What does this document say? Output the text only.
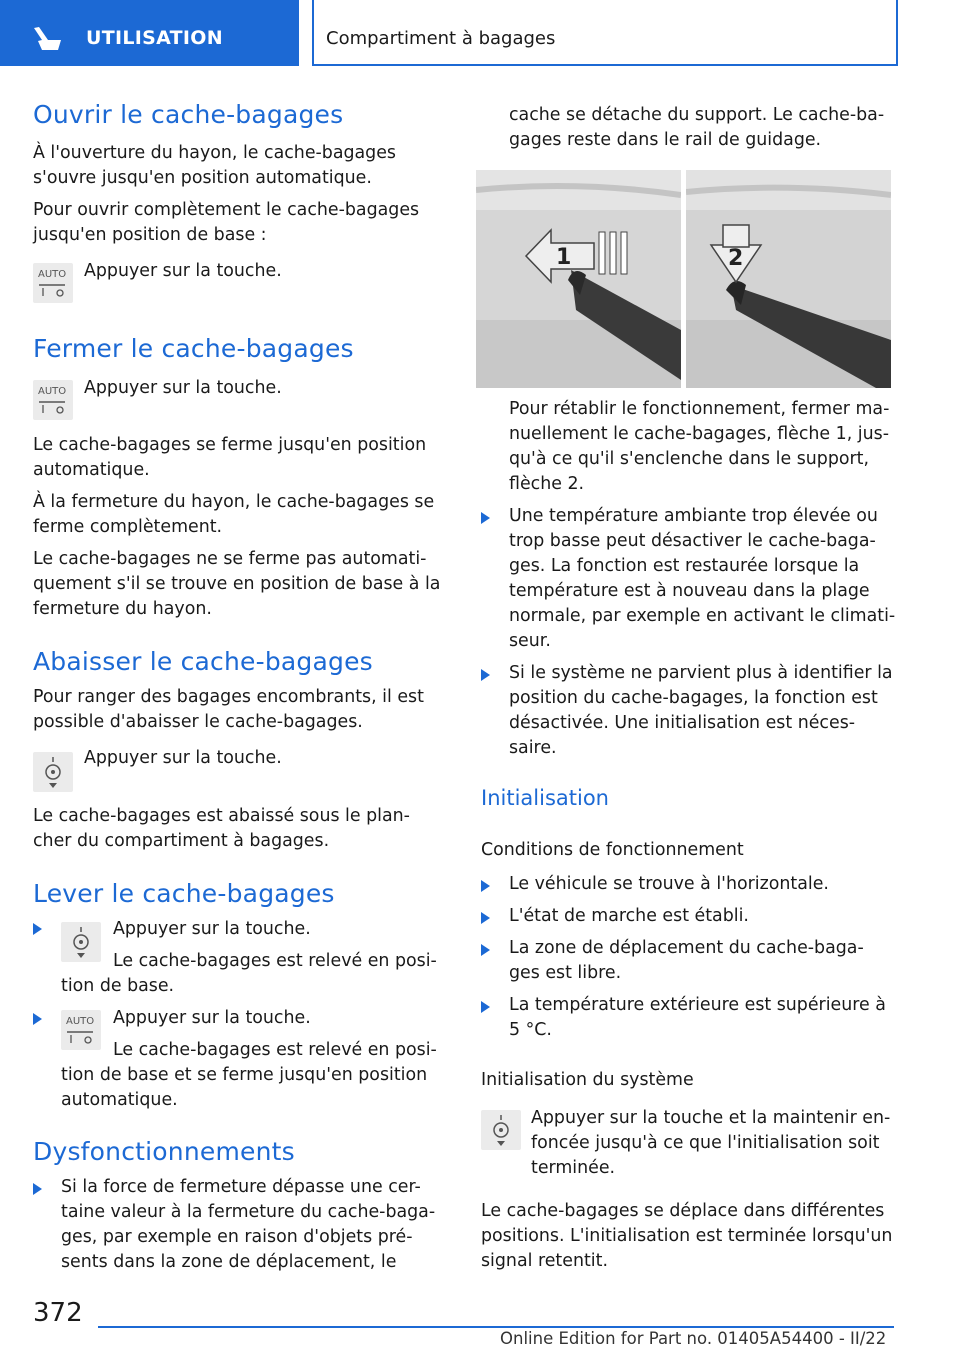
UTILISATION	Compartiment à bagages
Ouvrir le cache-bagages

À l'ouverture du hayon, le cache-bagages

s'ouvre jusqu'en position automatique.

Pour ouvrir complètement le cache-bagages

jusqu'en position de base :

AUTO Appuyer sur la touche.

Fermer le cache-bagages
AUTO Appuyer sur la touche.

Le cache-bagages se ferme jusqu'en position

automatique.

À la fermeture du hayon, le cache-bagages se

ferme complètement.

Le cache-bagages ne se ferme pas automati-

quement s'il se trouve en position de base à la

fermeture du hayon.

Abaisser le cache-bagages

Pour ranger des bagages encombrants, il est

possible d'abaisser le cache-bagages.

Appuyer sur la touche.

Le cache-bagages est abaissé sous le plan-

cher du compartiment à bagages.

Lever le cache-bagages

Appuyer sur la touche.

Le cache-bagages est relevé en posi-

tion de base.

AUTO Appuyer sur la touche.

Le cache-bagages est relevé en posi-

tion de base et se ferme jusqu'en position

automatique.

Dysfonctionnements

Si la force de fermeture dépasse une cer-

taine valeur à la fermeture du cache-baga-

ges, par exemple en raison d'objets pré-

sents dans la zone de déplacement, le

cache se détache du support. Le cache-ba-

gages reste dans le rail de guidage.

1	2

Pour rétablir le fonctionnement, fermer ma-

nuellement le cache-bagages, flèche 1, jus-

qu'à ce qu'il s'enclenche dans le support,

flèche 2.

Une température ambiante trop élevée ou

trop basse peut désactiver le cache-baga-

ges. La fonction est restaurée lorsque la

température est à nouveau dans la plage

normale, par exemple en activant le climati-

seur.

Si le système ne parvient plus à identifier la

position du cache-bagages, la fonction est

désactivée. Une initialisation est néces-

saire.

Initialisation
Conditions de fonctionnement

Le véhicule se trouve à l'horizontale.

L'état de marche est établi.

La zone de déplacement du cache-baga-

ges est libre.

La température extérieure est supérieure à

5 °C.

Initialisation du système

Appuyer sur la touche et la maintenir en-

foncée jusqu'à ce que l'initialisation soit

terminée.

Le cache-bagages se déplace dans différentes

positions. L'initialisation est terminée lorsqu'un

signal retentit.

372
Online Edition for Part no. 01405A54400 - II/22
